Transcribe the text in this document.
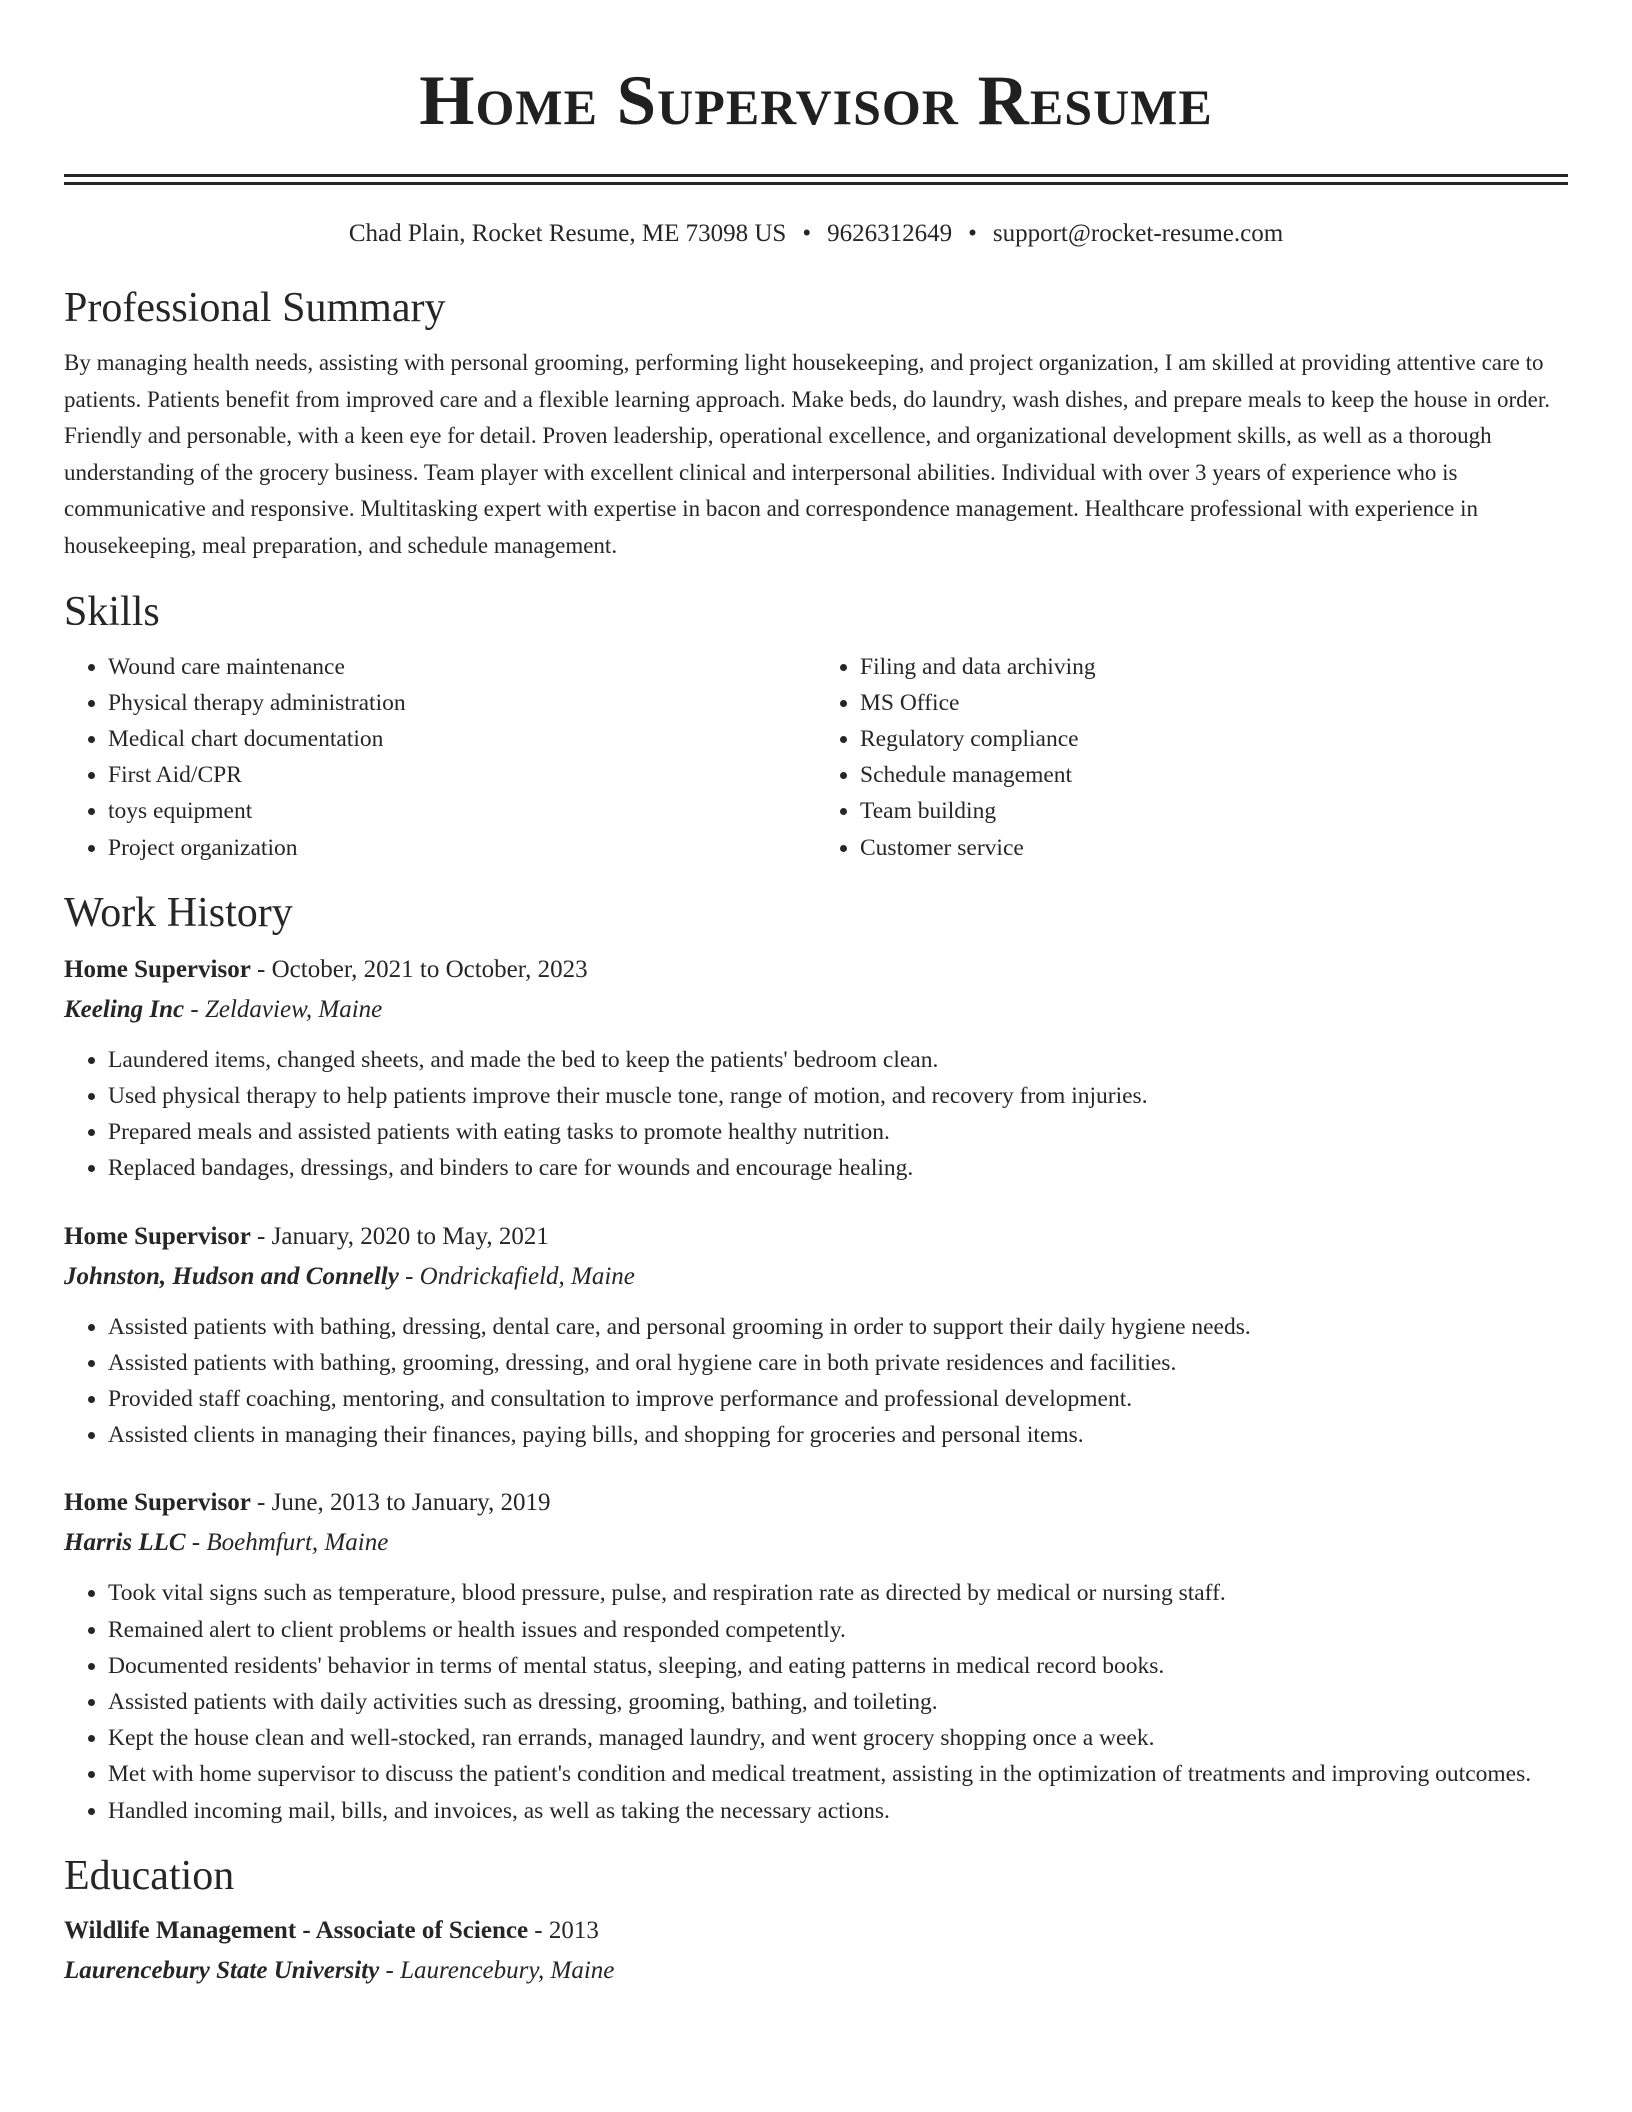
Home Supervisor Resume
Chad Plain, Rocket Resume, ME 73098 US • 9626312649 • support@rocket-resume.com
Professional Summary

By managing health needs, assisting with personal grooming, performing light housekeeping, and project organization, I am skilled at providing attentive care to patients. Patients benefit from improved care and a flexible learning approach. Make beds, do laundry, wash dishes, and prepare meals to keep the house in order. Friendly and personable, with a keen eye for detail. Proven leadership, operational excellence, and organizational development skills, as well as a thorough understanding of the grocery business. Team player with excellent clinical and interpersonal abilities. Individual with over 3 years of experience who is communicative and responsive. Multitasking expert with expertise in bacon and correspondence management. Healthcare professional with experience in housekeeping, meal preparation, and schedule management.

Skills
• Wound care maintenance
• Physical therapy administration
• Medical chart documentation
• First Aid/CPR
• toys equipment
• Project organization
• Filing and data archiving
• MS Office
• Regulatory compliance
• Schedule management
• Team building
• Customer service
Work History
Home Supervisor - October, 2021 to October, 2023
Keeling Inc - Zeldaview, Maine
• Laundered items, changed sheets, and made the bed to keep the patients' bedroom clean.
• Used physical therapy to help patients improve their muscle tone, range of motion, and recovery from injuries.
• Prepared meals and assisted patients with eating tasks to promote healthy nutrition.
• Replaced bandages, dressings, and binders to care for wounds and encourage healing.
Home Supervisor - January, 2020 to May, 2021
Johnston, Hudson and Connelly - Ondrickafield, Maine
• Assisted patients with bathing, dressing, dental care, and personal grooming in order to support their daily hygiene needs.
• Assisted patients with bathing, grooming, dressing, and oral hygiene care in both private residences and facilities.
• Provided staff coaching, mentoring, and consultation to improve performance and professional development.
• Assisted clients in managing their finances, paying bills, and shopping for groceries and personal items.
Home Supervisor - June, 2013 to January, 2019
Harris LLC - Boehmfurt, Maine
• Took vital signs such as temperature, blood pressure, pulse, and respiration rate as directed by medical or nursing staff.
• Remained alert to client problems or health issues and responded competently.
• Documented residents' behavior in terms of mental status, sleeping, and eating patterns in medical record books.
• Assisted patients with daily activities such as dressing, grooming, bathing, and toileting.
• Kept the house clean and well-stocked, ran errands, managed laundry, and went grocery shopping once a week.
• Met with home supervisor to discuss the patient's condition and medical treatment, assisting in the optimization of treatments and improving outcomes.
• Handled incoming mail, bills, and invoices, as well as taking the necessary actions.
Education
Wildlife Management - Associate of Science - 2013
Laurencebury State University - Laurencebury, Maine
